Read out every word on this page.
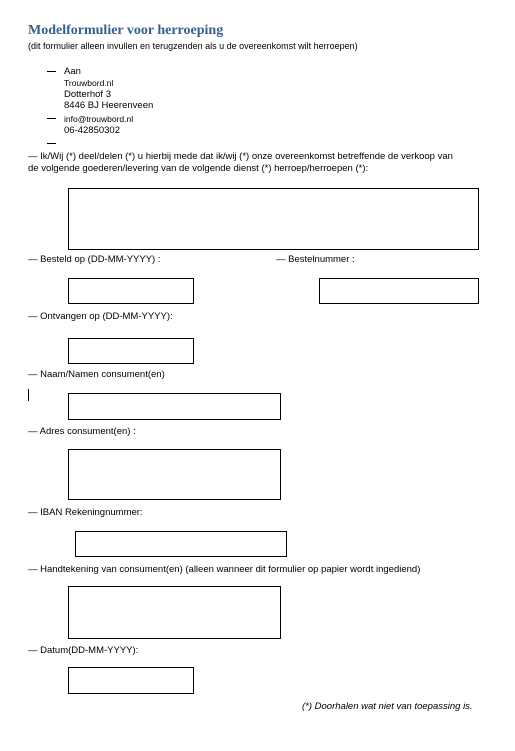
Modelformulier voor herroeping
(dit formulier alleen invullen en terugzenden als u de overeenkomst wilt herroepen)
Aan
Trouwbord.nl
Dotterhof 3
8446 BJ Heerenveen
info@trouwbord.nl
06-42850302
— Ik/Wij (*) deel/delen (*) u hierbij mede dat ik/wij (*) onze overeenkomst betreffende de verkoop van
de volgende goederen/levering van de volgende dienst (*) herroep/herroepen (*):
— Besteld op (DD-MM-YYYY) :	— Bestelnummer :
— Ontvangen op (DD-MM-YYYY):
— Naam/Namen consument(en)
— Adres consument(en) :
— IBAN Rekeningnummer:
— Handtekening van consument(en) (alleen wanneer dit formulier op papier wordt ingediend)
— Datum(DD-MM-YYYY):
(*) Doorhalen wat niet van toepassing is.
